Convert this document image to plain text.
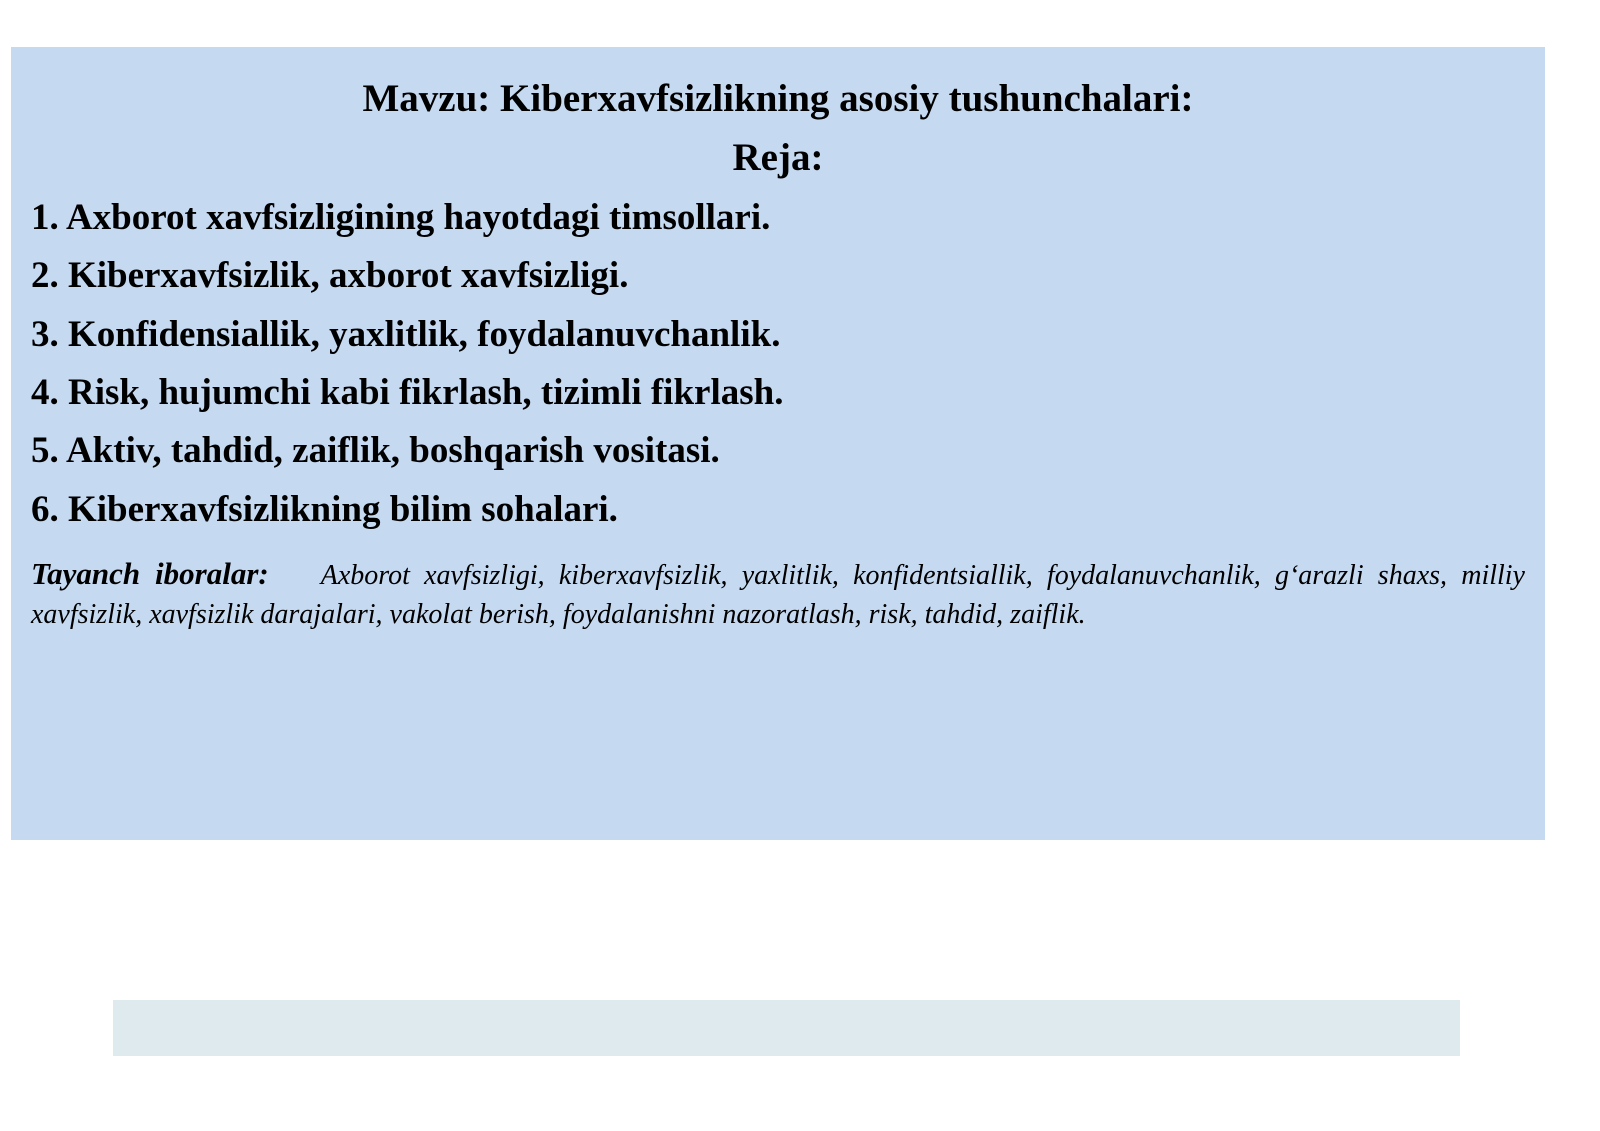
Mavzu: Kiberxavfsizlikning asosiy tushunchalari:
Reja:
1. Axborot xavfsizligining hayotdagi timsollari.
2. Kiberxavfsizlik, axborot xavfsizligi.
3. Konfidensiallik, yaxlitlik, foydalanuvchanlik.
4. Risk, hujumchi kabi fikrlash, tizimli fikrlash.
5. Aktiv, tahdid, zaiflik, boshqarish vositasi.
6. Kiberxavfsizlikning bilim sohalari.

Tayanch iboralar: Axborot xavfsizligi, kiberxavfsizlik, yaxlitlik, konfidentsiallik, foydalanuvchanlik, g‘arazli shaxs, milliy xavfsizlik, xavfsizlik darajalari, vakolat berish, foydalanishni nazoratlash, risk, tahdid, zaiflik.
